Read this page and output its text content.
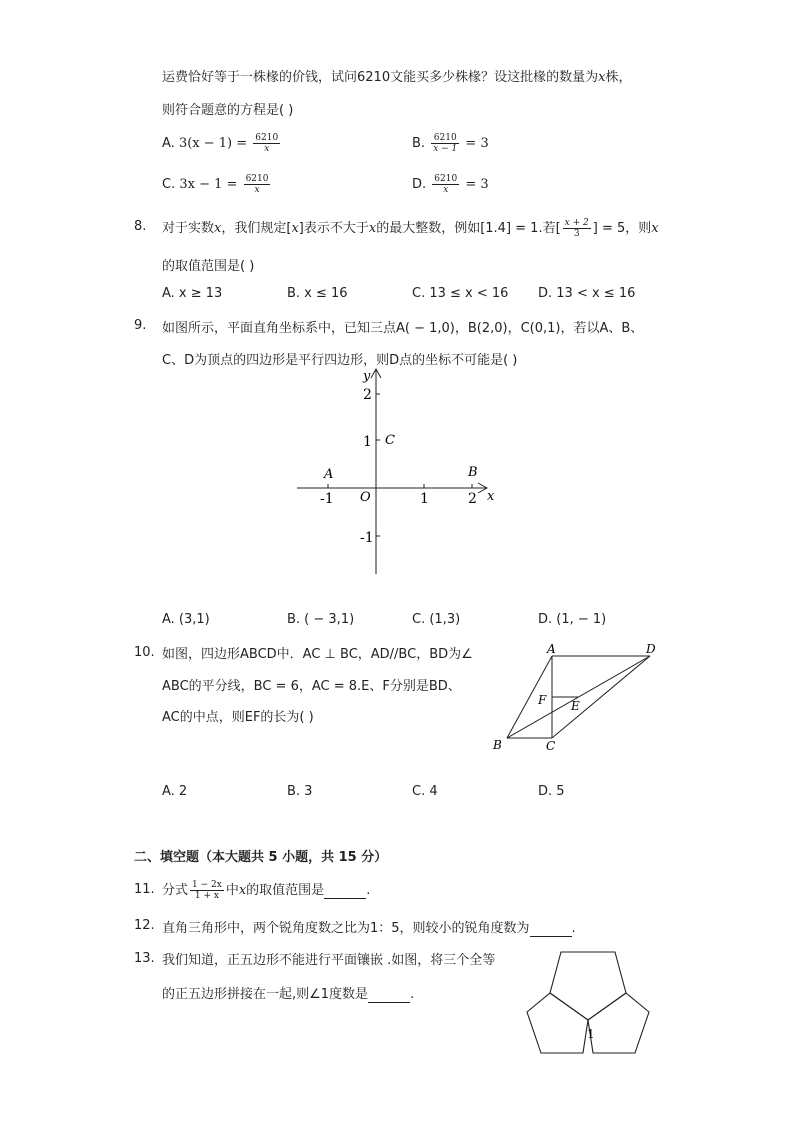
运费恰好等于一株椽的价钱，试问6210文能买多少株椽？设这批椽的数量为x株，
则符合题意的方程是( )
A. $3(x - 1) = \frac{6210}{x}$	B. $\frac{6210}{x - 1} = 3$
C. $3x - 1 = \frac{6210}{x}$	D. $\frac{6210}{x} = 3$
8. 对于实数x，我们规定[x]表示不大于x的最大整数，例如[1.4] = 1.若[ $\frac{x + 2}{3}$ ] = 5，则x
的取值范围是( )
A. x ≥ 13	B. x ≤ 16	C. 13 ≤ x < 16 D. 13 < x ≤ 16
9. 如图所示，平面直角坐标系中，已知三点A( − 1,0)，B(2,0)，C(0,1)，若以A、B、
C、D为顶点的四边形是平行四边形，则D点的坐标不可能是( )
y
x
O
2
1
-1
-1	1	2
C
A	B
A. (3,1)	B. ( − 3,1)	C. (1,3)	D. (1, − 1)
10. 如图，四边形ABCD中．AC ⊥ BC，AD//BC，BD为∠
ABC的平分线，BC = 6，AC = 8.E、F分别是BD、
AC的中点，则EF的长为( )
A	D
B	C
F E
A. 2	B. 3	C. 4	D. 5
二、填空题（本大题共 5 小题，共 15 分）
11. 分式 $\frac{1 - 2x}{1 + x}$ 中x的取值范围是	.
12. 直角三角形中，两个锐角度数之比为1：5，则较小的锐角度数为	.
13. 我们知道，正五边形不能进行平面镶嵌 .如图，将三个全等
的正五边形拼接在一起,则∠1度数是	.
1
